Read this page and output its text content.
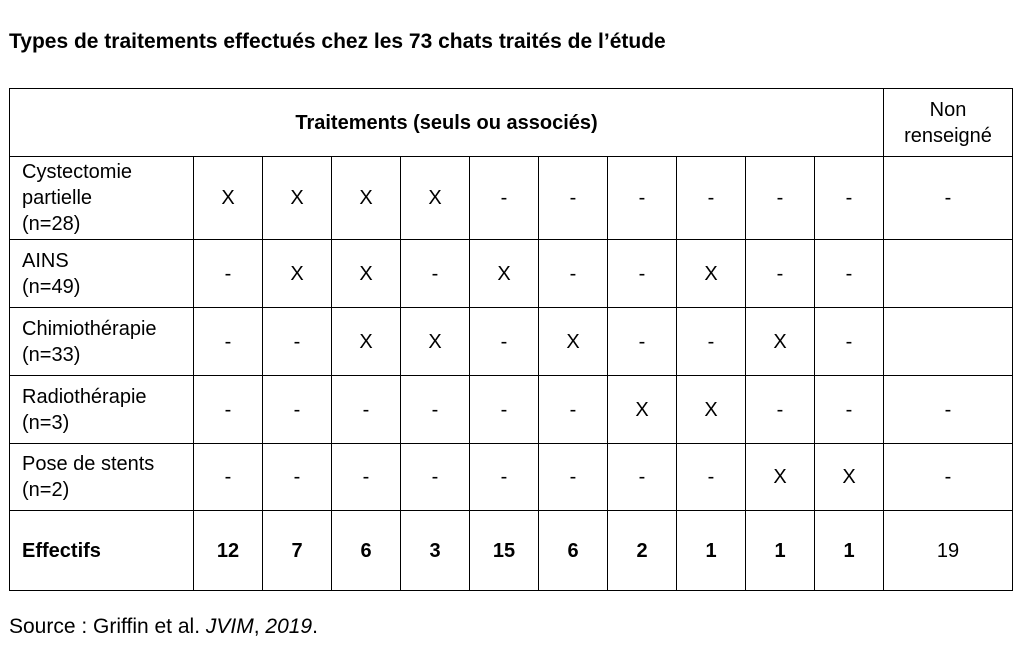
Types de traitements effectués chez les 73 chats traités de l’étude
Traitements (seuls ou associés)											Non
renseigné

Cystectomie
partielle
(n=28)	X	X	X	X	-	-	-	-	-	-	-

AINS
(n=49)	-	X	X	-	X	-	-	X	-	-	

Chimiothérapie
(n=33)	-	-	X	X	-	X	-	-	X	-	

Radiothérapie
(n=3)	-	-	-	-	-	-	X	X	-	-	-

Pose de stents
(n=2)	-	-	-	-	-	-	-	-	X	X	-
Effectifs	12	7	6	3	15	6	2	1	1	1	19
Source : Griffin et al. JVIM, 2019.
